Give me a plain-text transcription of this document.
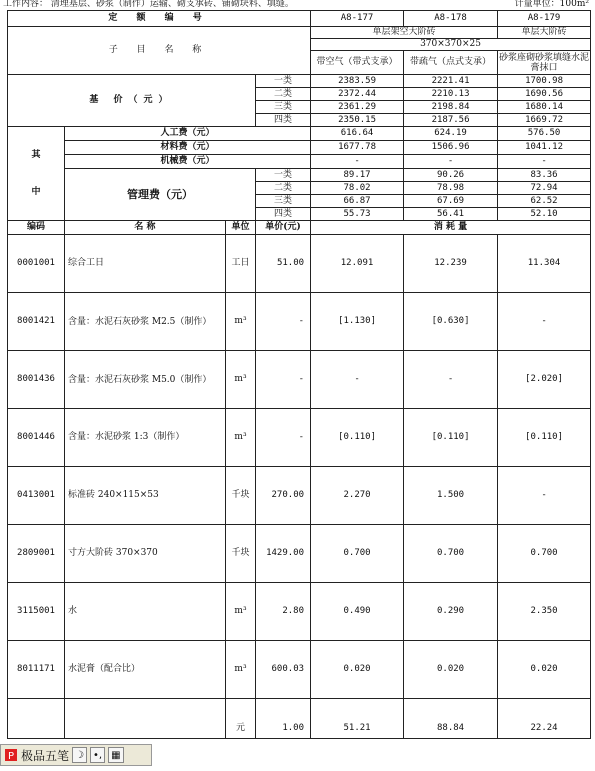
工作内容： 清理基层、砂浆（制作）运输、砌支承砖、铺砌块料、填缝。	计量单位：100m²
定 额 编 号				A8-177	A8-178	A8-179
子 目 名 称				单层架空大阶砖		单层大阶砖
				370×370×25		
				带空气（带式支承）	带疏气（点式支承）	砂浆座砌砂浆填缝水泥膏抹口
基 价（元）			一类	2383.59	2221.41	1700.98
			二类	2372.44	2210.13	1690.56
			三类	2361.29	2198.84	1680.14
			四类	2350.15	2187.56	1669.72

其
中	人工费（元）			616.64	624.19	576.50
	材料费（元）			1677.78	1506.96	1041.12
	机械费（元）			-	-	-
	管理费（元）		一类	89.17	90.26	83.36
			二类	78.02	78.98	72.94
			三类	66.87	67.69	62.52
			四类	55.73	56.41	52.10
编码	名 称	单位	单价(元)	消 耗 量		
0001001	综合工日	工日	51.00	12.091	12.239	11.304
8001421	含量：水泥石灰砂浆 M2.5（制作）	m³	-	[1.130]	[0.630]	-
8001436	含量：水泥石灰砂浆 M5.0（制作）	m³	-	-	-	[2.020]
8001446	含量：水泥砂浆 1:3（制作）	m³	-	[0.110]	[0.110]	[0.110]
0413001	标准砖 240×115×53	千块	270.00	2.270	1.500	-
2809001	寸方大阶砖 370×370	千块	1429.00	0.700	0.700	0.700
3115001	水	m³	2.80	0.490	0.290	2.350
8011171	水泥膏（配合比）	m³	600.03	0.020	0.020	0.020
		元	1.00	51.21	88.84	22.24
P 极品五笔 ☽ •, ▦
